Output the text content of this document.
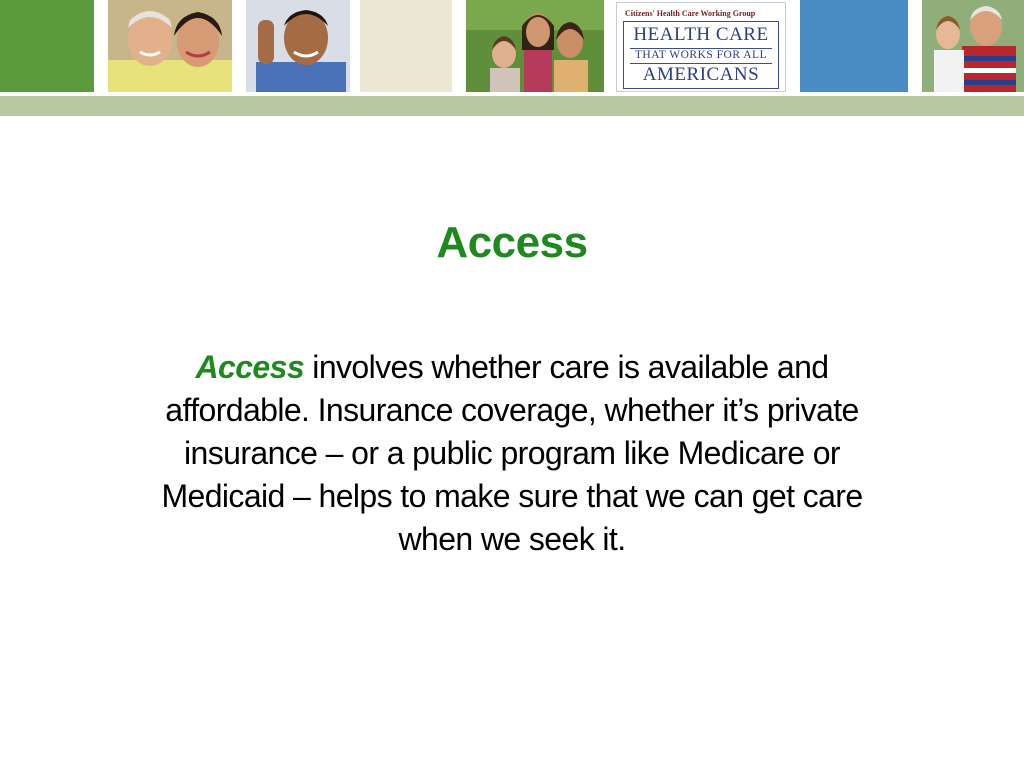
Citizens' Health Care Working Group
HEALTH CARE
THAT WORKS FOR ALL
AMERICANS
Access
Access involves whether care is available and affordable. Insurance coverage, whether it’s private insurance – or a public program like Medicare or Medicaid – helps to make sure that we can get care when we seek it.
